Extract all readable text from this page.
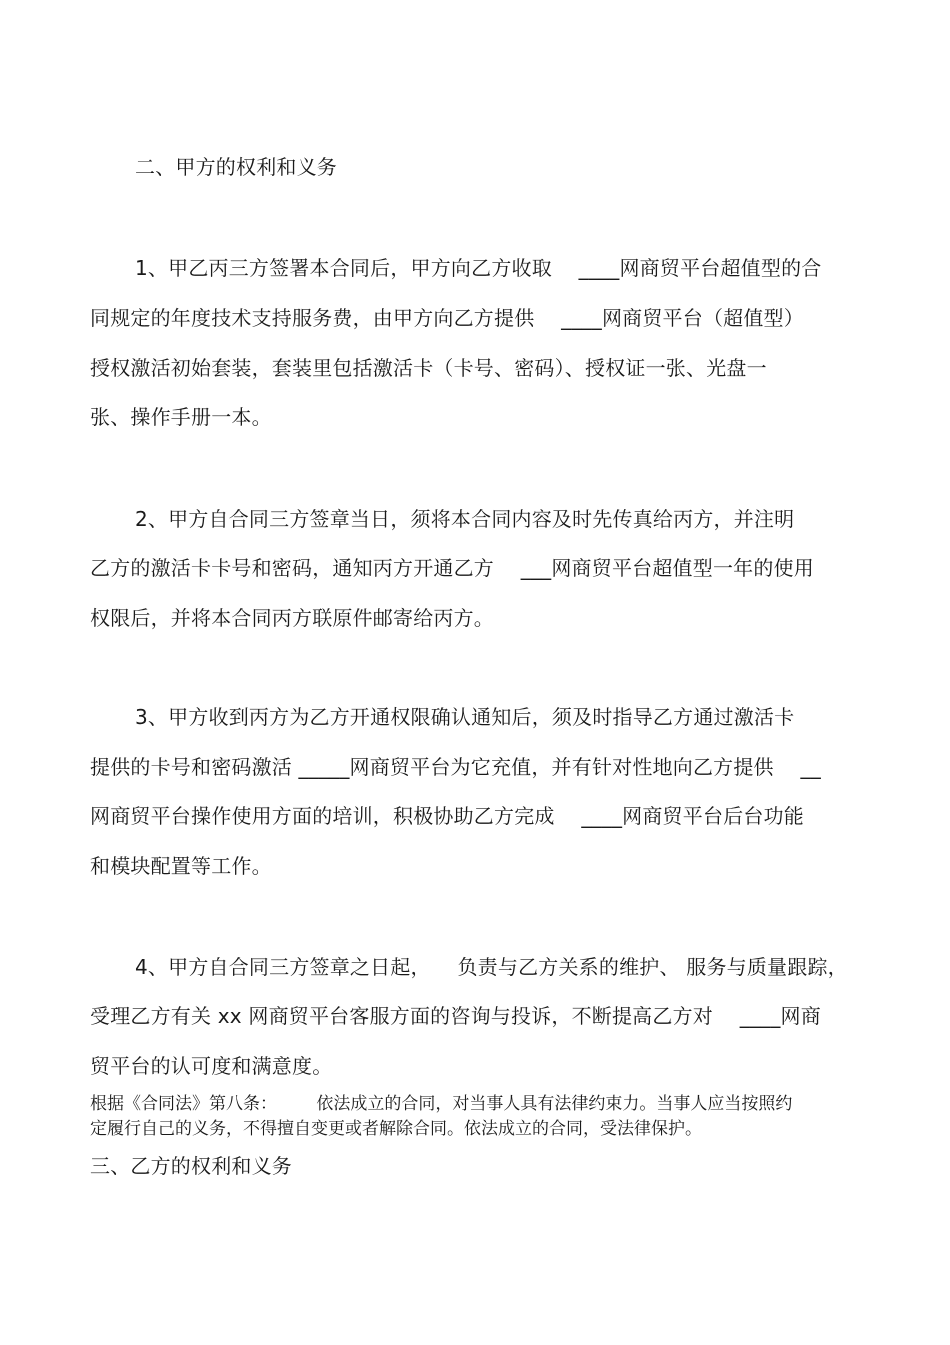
二、甲方的权利和义务
1、甲乙丙三方签署本合同后，甲方向乙方收取 　____网商贸平台超值型的合
同规定的年度技术支持服务费，由甲方向乙方提供 　____网商贸平台（超值型）
授权激活初始套装，套装里包括激活卡（卡号、密码）、授权证一张、光盘一
张、操作手册一本。
2、甲方自合同三方签章当日，须将本合同内容及时先传真给丙方，并注明
乙方的激活卡卡号和密码，通知丙方开通乙方 　___网商贸平台超值型一年的使用
权限后，并将本合同丙方联原件邮寄给丙方。
3、甲方收到丙方为乙方开通权限确认通知后，须及时指导乙方通过激活卡
提供的卡号和密码激活 _____网商贸平台为它充值，并有针对性地向乙方提供 　__
网商贸平台操作使用方面的培训，积极协助乙方完成 　____网商贸平台后台功能
和模块配置等工作。
4、甲方自合同三方签章之日起， 　负责与乙方关系的维护、 服务与质量跟踪，
受理乙方有关 xx 网商贸平台客服方面的咨询与投诉，不断提高乙方对 　____网商
贸平台的认可度和满意度。
根据《合同法》第八条： 　　依法成立的合同，对当事人具有法律约束力。当事人应当按照约
定履行自己的义务，不得擅自变更或者解除合同。依法成立的合同，受法律保护。
三、乙方的权利和义务
